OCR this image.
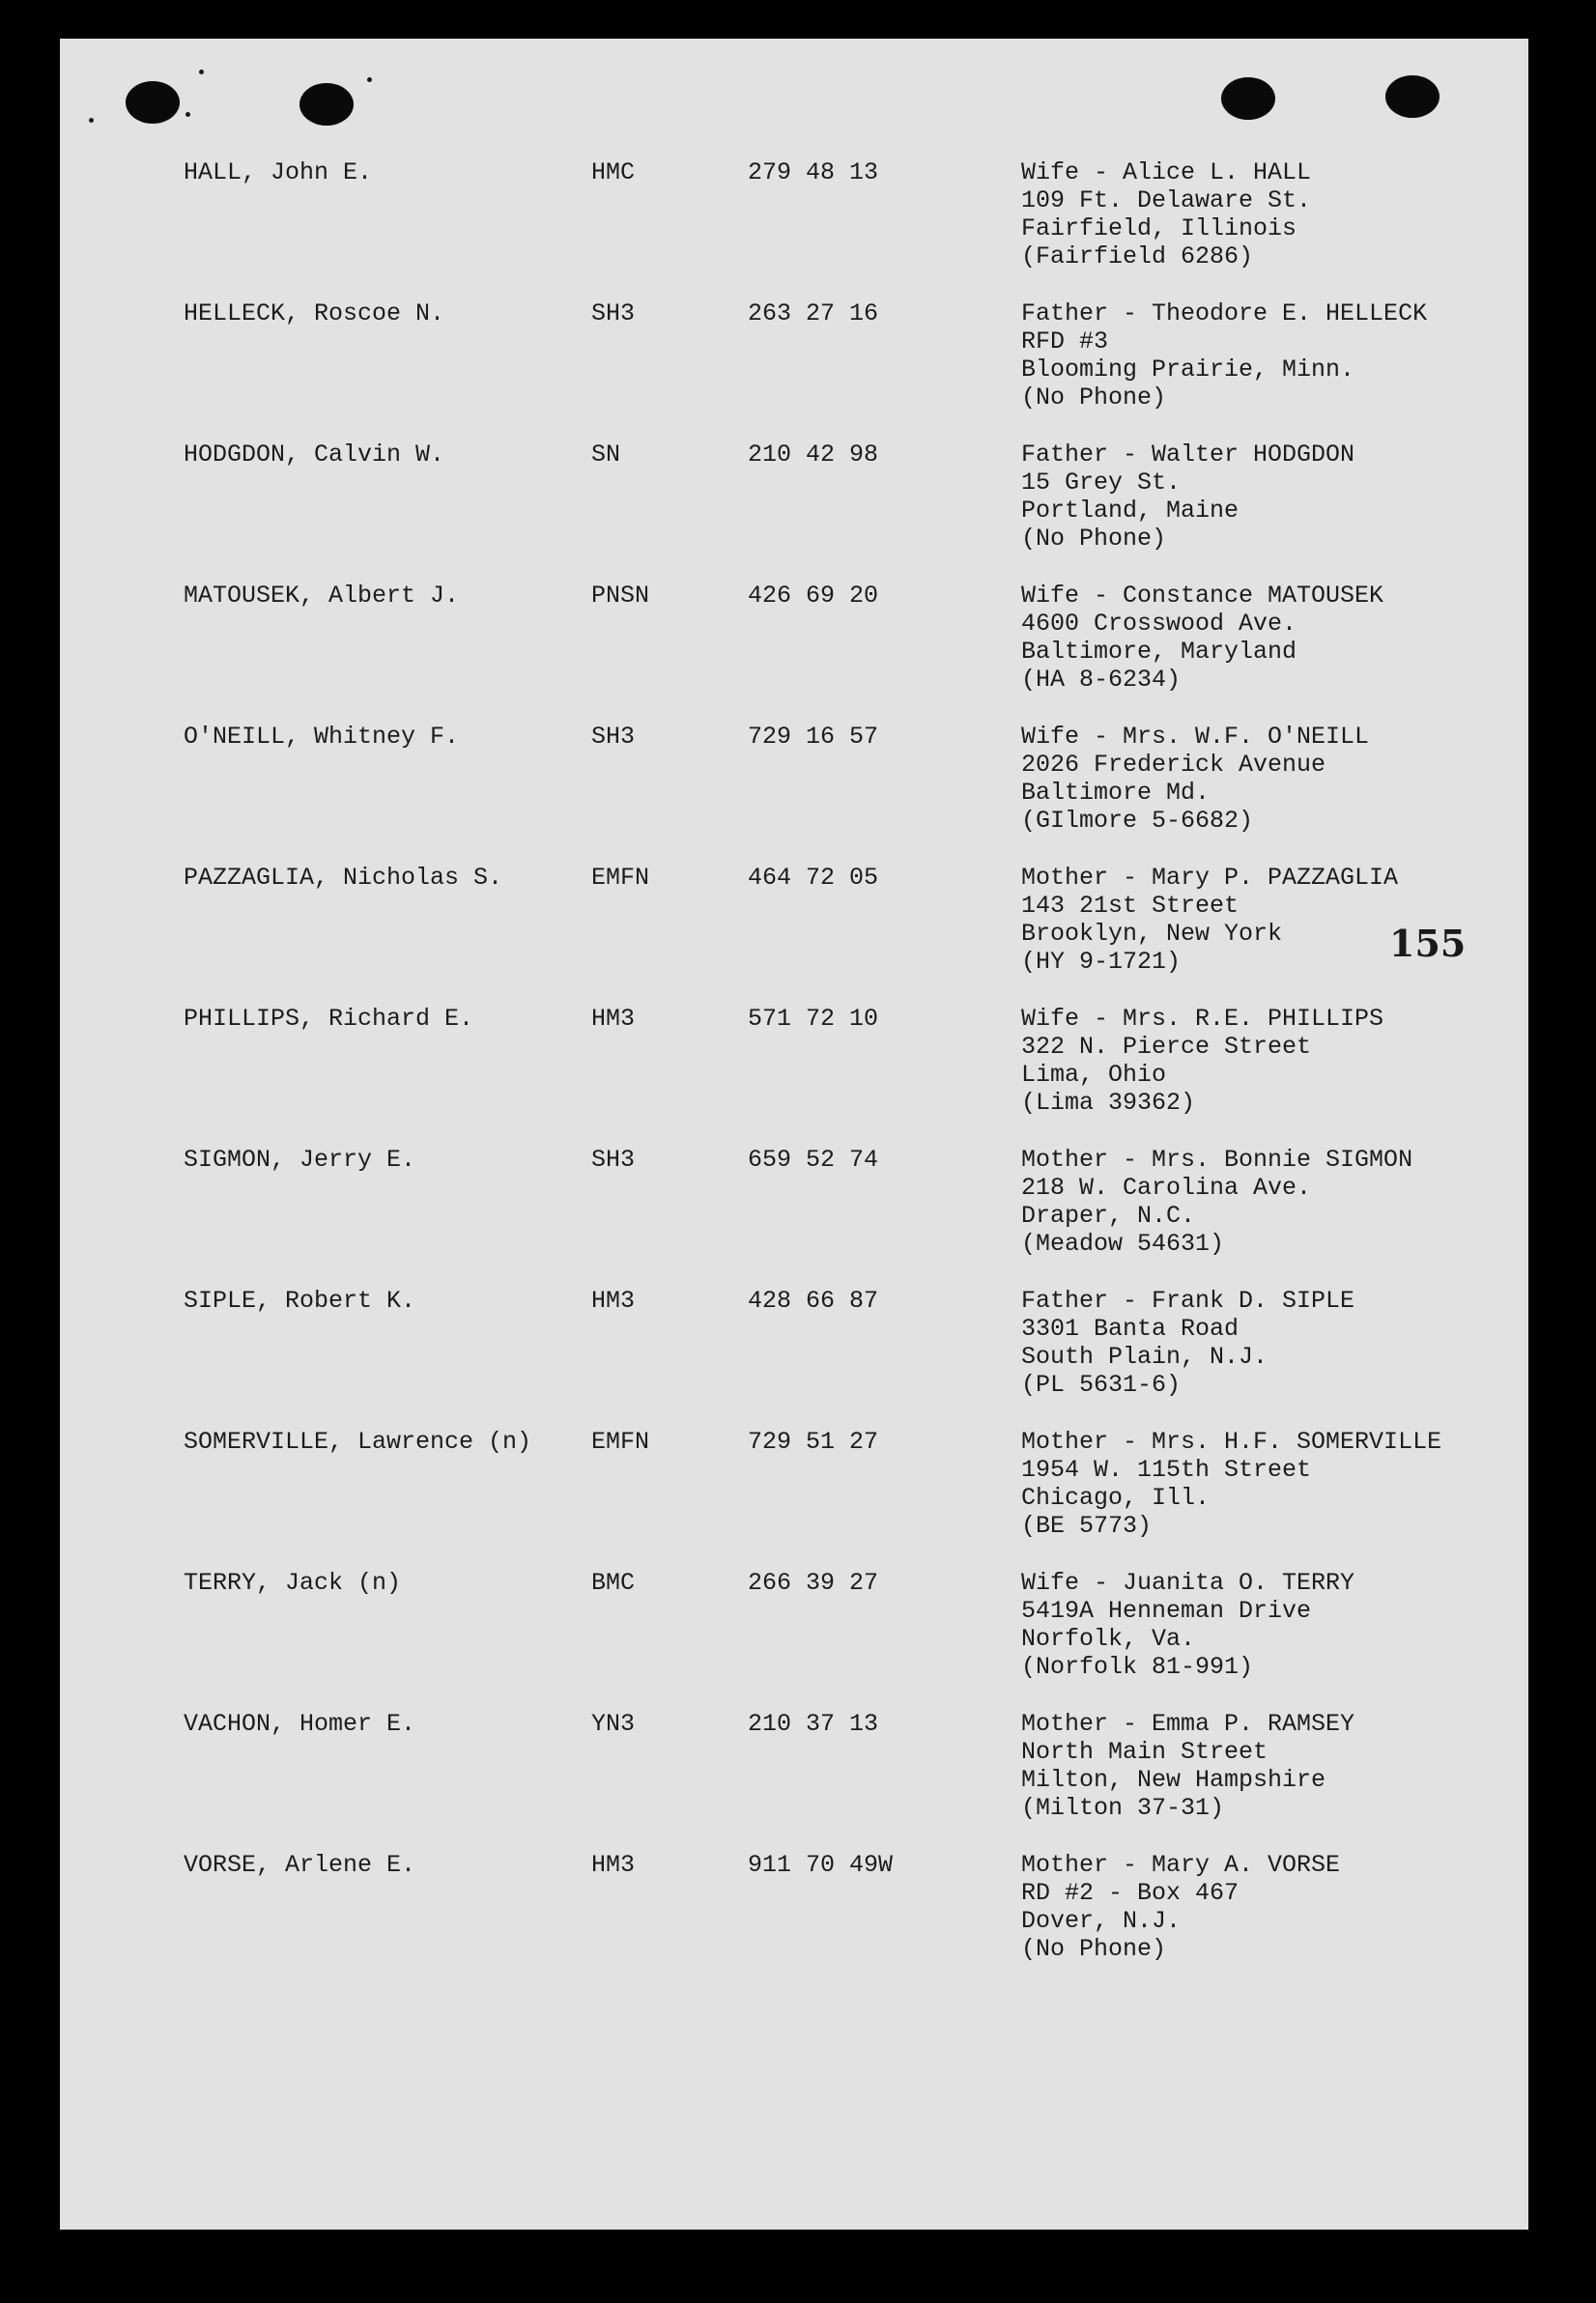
HALL, John E.	HMC	279 48 13	Wife - Alice L. HALL
109 Ft. Delaware St.
Fairfield, Illinois
(Fairfield 6286)
HELLECK, Roscoe N.	SH3	263 27 16	Father - Theodore E. HELLECK
RFD #3
Blooming Prairie, Minn.
(No Phone)
HODGDON, Calvin W.	SN	210 42 98	Father - Walter HODGDON
15 Grey St.
Portland, Maine
(No Phone)
MATOUSEK, Albert J.	PNSN	426 69 20	Wife - Constance MATOUSEK
4600 Crosswood Ave.
Baltimore, Maryland
(HA 8-6234)
O'NEILL, Whitney F.	SH3	729 16 57	Wife - Mrs. W.F. O'NEILL
2026 Frederick Avenue
Baltimore Md.
(GIlmore 5-6682)
PAZZAGLIA, Nicholas S.	EMFN	464 72 05	Mother - Mary P. PAZZAGLIA
143 21st Street
Brooklyn, New York
(HY 9-1721)
PHILLIPS, Richard E.	HM3	571 72 10	Wife - Mrs. R.E. PHILLIPS
322 N. Pierce Street
Lima, Ohio
(Lima 39362)
SIGMON, Jerry E.	SH3	659 52 74	Mother - Mrs. Bonnie SIGMON
218 W. Carolina Ave.
Draper, N.C.
(Meadow 54631)
SIPLE, Robert K.	HM3	428 66 87	Father - Frank D. SIPLE
3301 Banta Road
South Plain, N.J.
(PL 5631-6)
SOMERVILLE, Lawrence (n) EMFN	729 51 27	Mother - Mrs. H.F. SOMERVILLE
1954 W. 115th Street
Chicago, Ill.
(BE 5773)
TERRY, Jack (n)	BMC	266 39 27	Wife - Juanita O. TERRY
5419A Henneman Drive
Norfolk, Va.
(Norfolk 81-991)
VACHON, Homer E.	YN3	210 37 13	Mother - Emma P. RAMSEY
North Main Street
Milton, New Hampshire
(Milton 37-31)
VORSE, Arlene E.	HM3	911 70 49W	Mother - Mary A. VORSE
RD #2 - Box 467
Dover, N.J.
(No Phone)
155
